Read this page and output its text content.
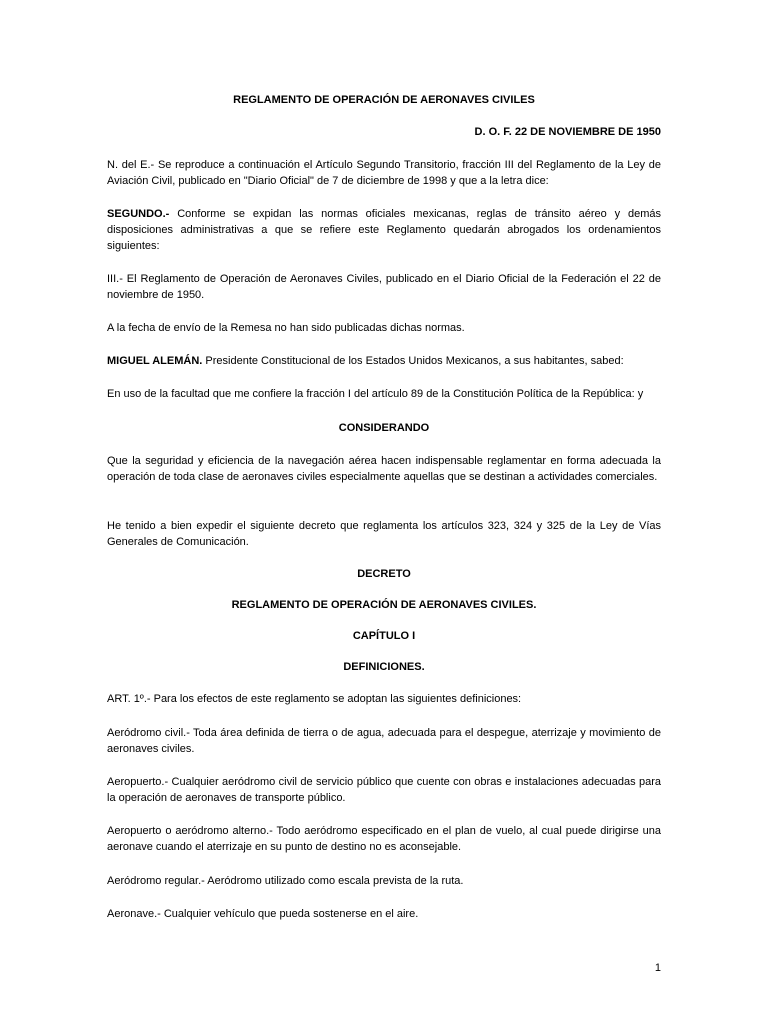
REGLAMENTO DE OPERACIÓN DE AERONAVES CIVILES

D. O. F. 22 DE NOVIEMBRE DE 1950

N. del E.- Se reproduce a continuación el Artículo Segundo Transitorio, fracción III del Reglamento de la Ley de Aviación Civil, publicado en "Diario Oficial" de 7 de diciembre de 1998 y que a la letra dice:

SEGUNDO.- Conforme se expidan las normas oficiales mexicanas, reglas de tránsito aéreo y demás disposiciones administrativas a que se refiere este Reglamento quedarán abrogados los ordenamientos siguientes:

III.- El Reglamento de Operación de Aeronaves Civiles, publicado en el Diario Oficial de la Federación el 22 de noviembre de 1950.

A la fecha de envío de la Remesa no han sido publicadas dichas normas.

MIGUEL ALEMÁN. Presidente Constitucional de los Estados Unidos Mexicanos, a sus habitantes, sabed:

En uso de la facultad que me confiere la fracción I del artículo 89 de la Constitución Política de la República: y

CONSIDERANDO

Que la seguridad y eficiencia de la navegación aérea hacen indispensable reglamentar en forma adecuada la operación de toda clase de aeronaves civiles especialmente aquellas que se destinan a actividades comerciales.

He tenido a bien expedir el siguiente decreto que reglamenta los artículos 323, 324 y 325 de la Ley de Vías Generales de Comunicación.

DECRETO

REGLAMENTO DE OPERACIÓN DE AERONAVES CIVILES.

CAPÍTULO I

DEFINICIONES.

ART. 1º.- Para los efectos de este reglamento se adoptan las siguientes definiciones:

Aeródromo civil.- Toda área definida de tierra o de agua, adecuada para el despegue, aterrizaje y movimiento de aeronaves civiles.

Aeropuerto.- Cualquier aeródromo civil de servicio público que cuente con obras e instalaciones adecuadas para la operación de aeronaves de transporte público.

Aeropuerto o aeródromo alterno.- Todo aeródromo especificado en el plan de vuelo, al cual puede dirigirse una aeronave cuando el aterrizaje en su punto de destino no es aconsejable.

Aeródromo regular.- Aeródromo utilizado como escala prevista de la ruta.

Aeronave.- Cualquier vehículo que pueda sostenerse en el aire.

1
